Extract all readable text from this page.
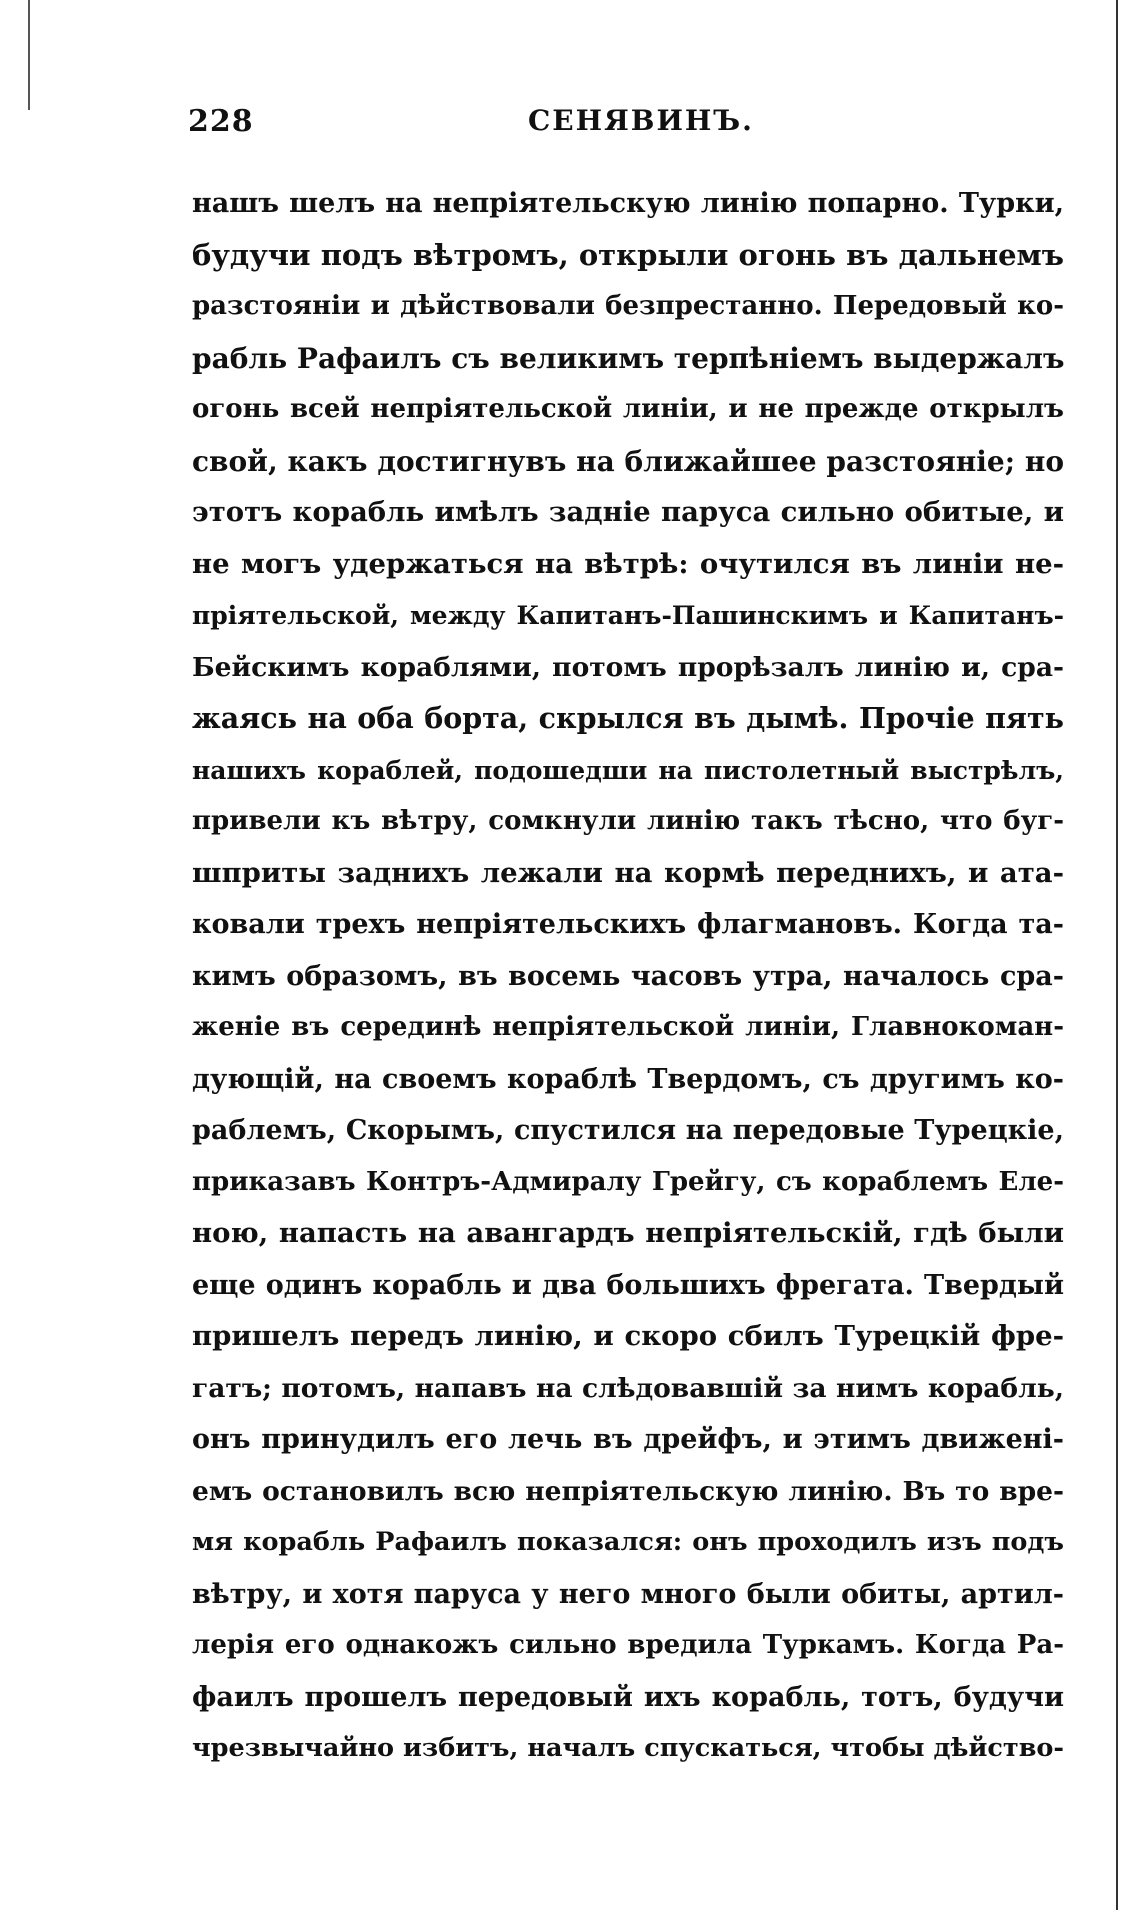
228	СЕНЯВИНЪ.
нашъ шелъ на непріятельскую линію попарно. Турки,
будучи подъ вѣтромъ, открыли огонь въ дальнемъ
разстояніи и дѣйствовали безпрестанно. Передовый ко-
рабль Рафаилъ съ великимъ терпѣніемъ выдержалъ
огонь всей непріятельской линіи, и не прежде открылъ
свой, какъ достигнувъ на ближайшее разстояніе; но
этотъ корабль имѣлъ задніе паруса сильно обитые, и
не могъ удержаться на вѣтрѣ: очутился въ линіи не-
пріятельской, между Капитанъ-Пашинскимъ и Капитанъ-
Бейскимъ кораблями, потомъ прорѣзалъ линію и, сра-
жаясь на оба борта, скрылся въ дымѣ. Прочіе пять
нашихъ кораблей, подошедши на пистолетный выстрѣлъ,
привели къ вѣтру, сомкнули линію такъ тѣсно, что буг-
шприты заднихъ лежали на кормѣ переднихъ, и ата-
ковали трехъ непріятельскихъ флагмановъ. Когда та-
кимъ образомъ, въ восемь часовъ утра, началось сра-
женіе въ серединѣ непріятельской линіи, Главнокоман-
дующій, на своемъ кораблѣ Твердомъ, съ другимъ ко-
раблемъ, Скорымъ, спустился на передовые Турецкіе,
приказавъ Контръ-Адмиралу Грейгу, съ кораблемъ Еле-
ною, напасть на авангардъ непріятельскій, гдѣ были
еще одинъ корабль и два большихъ фрегата. Твердый
пришелъ передъ линію, и скоро сбилъ Турецкій фре-
гатъ; потомъ, напавъ на слѣдовавшій за нимъ корабль,
онъ принудилъ его лечь въ дрейфъ, и этимъ движені-
емъ остановилъ всю непріятельскую линію. Въ то вре-
мя корабль Рафаилъ показался: онъ проходилъ изъ подъ
вѣтру, и хотя паруса у него много были обиты, артил-
лерія его однакожъ сильно вредила Туркамъ. Когда Ра-
фаилъ прошелъ передовый ихъ корабль, тотъ, будучи
чрезвычайно избитъ, началъ спускаться, чтобы дѣйство-
